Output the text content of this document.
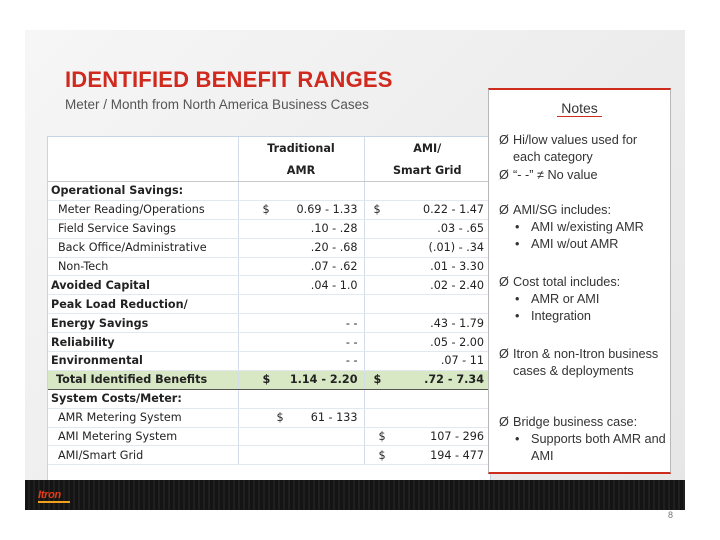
IDENTIFIED BENEFIT RANGES
Meter / Month from North America Business Cases
	Traditional	AMI/
	AMR	Smart Grid
Operational Savings:		
Meter Reading/Operations	$ 0.69 - 1.33	$ 0.22 - 1.47
Field Service Savings	.10 - .28	.03 - .65
Back Office/Administrative	.20 - .68	(.01) - .34
Non-Tech	.07 - .62	.01 - 3.30
Avoided Capital	.04 - 1.0	.02 - 2.40
Peak Load Reduction/		
Energy Savings	- -	.43 - 1.79
Reliability	- -	.05 - 2.00
Environmental	- -	.07 - 11
Total Identified Benefits	$ 1.14 - 2.20	$ .72 - 7.34
System Costs/Meter:		
AMR Metering System	$ 61 - 133	
AMI Metering System		$ 107 - 296
AMI/Smart Grid		$ 194 - 477
Notes
Ø Hi/low values used for each category
Ø “- -” ≠ No value
Ø AMI/SG includes:
• AMI w/existing AMR
• AMI w/out AMR
Ø Cost total includes:
• AMR or AMI
• Integration
Ø Itron & non-Itron business cases & deployments
Ø Bridge business case:
• Supports both AMR and AMI
Itron
8
